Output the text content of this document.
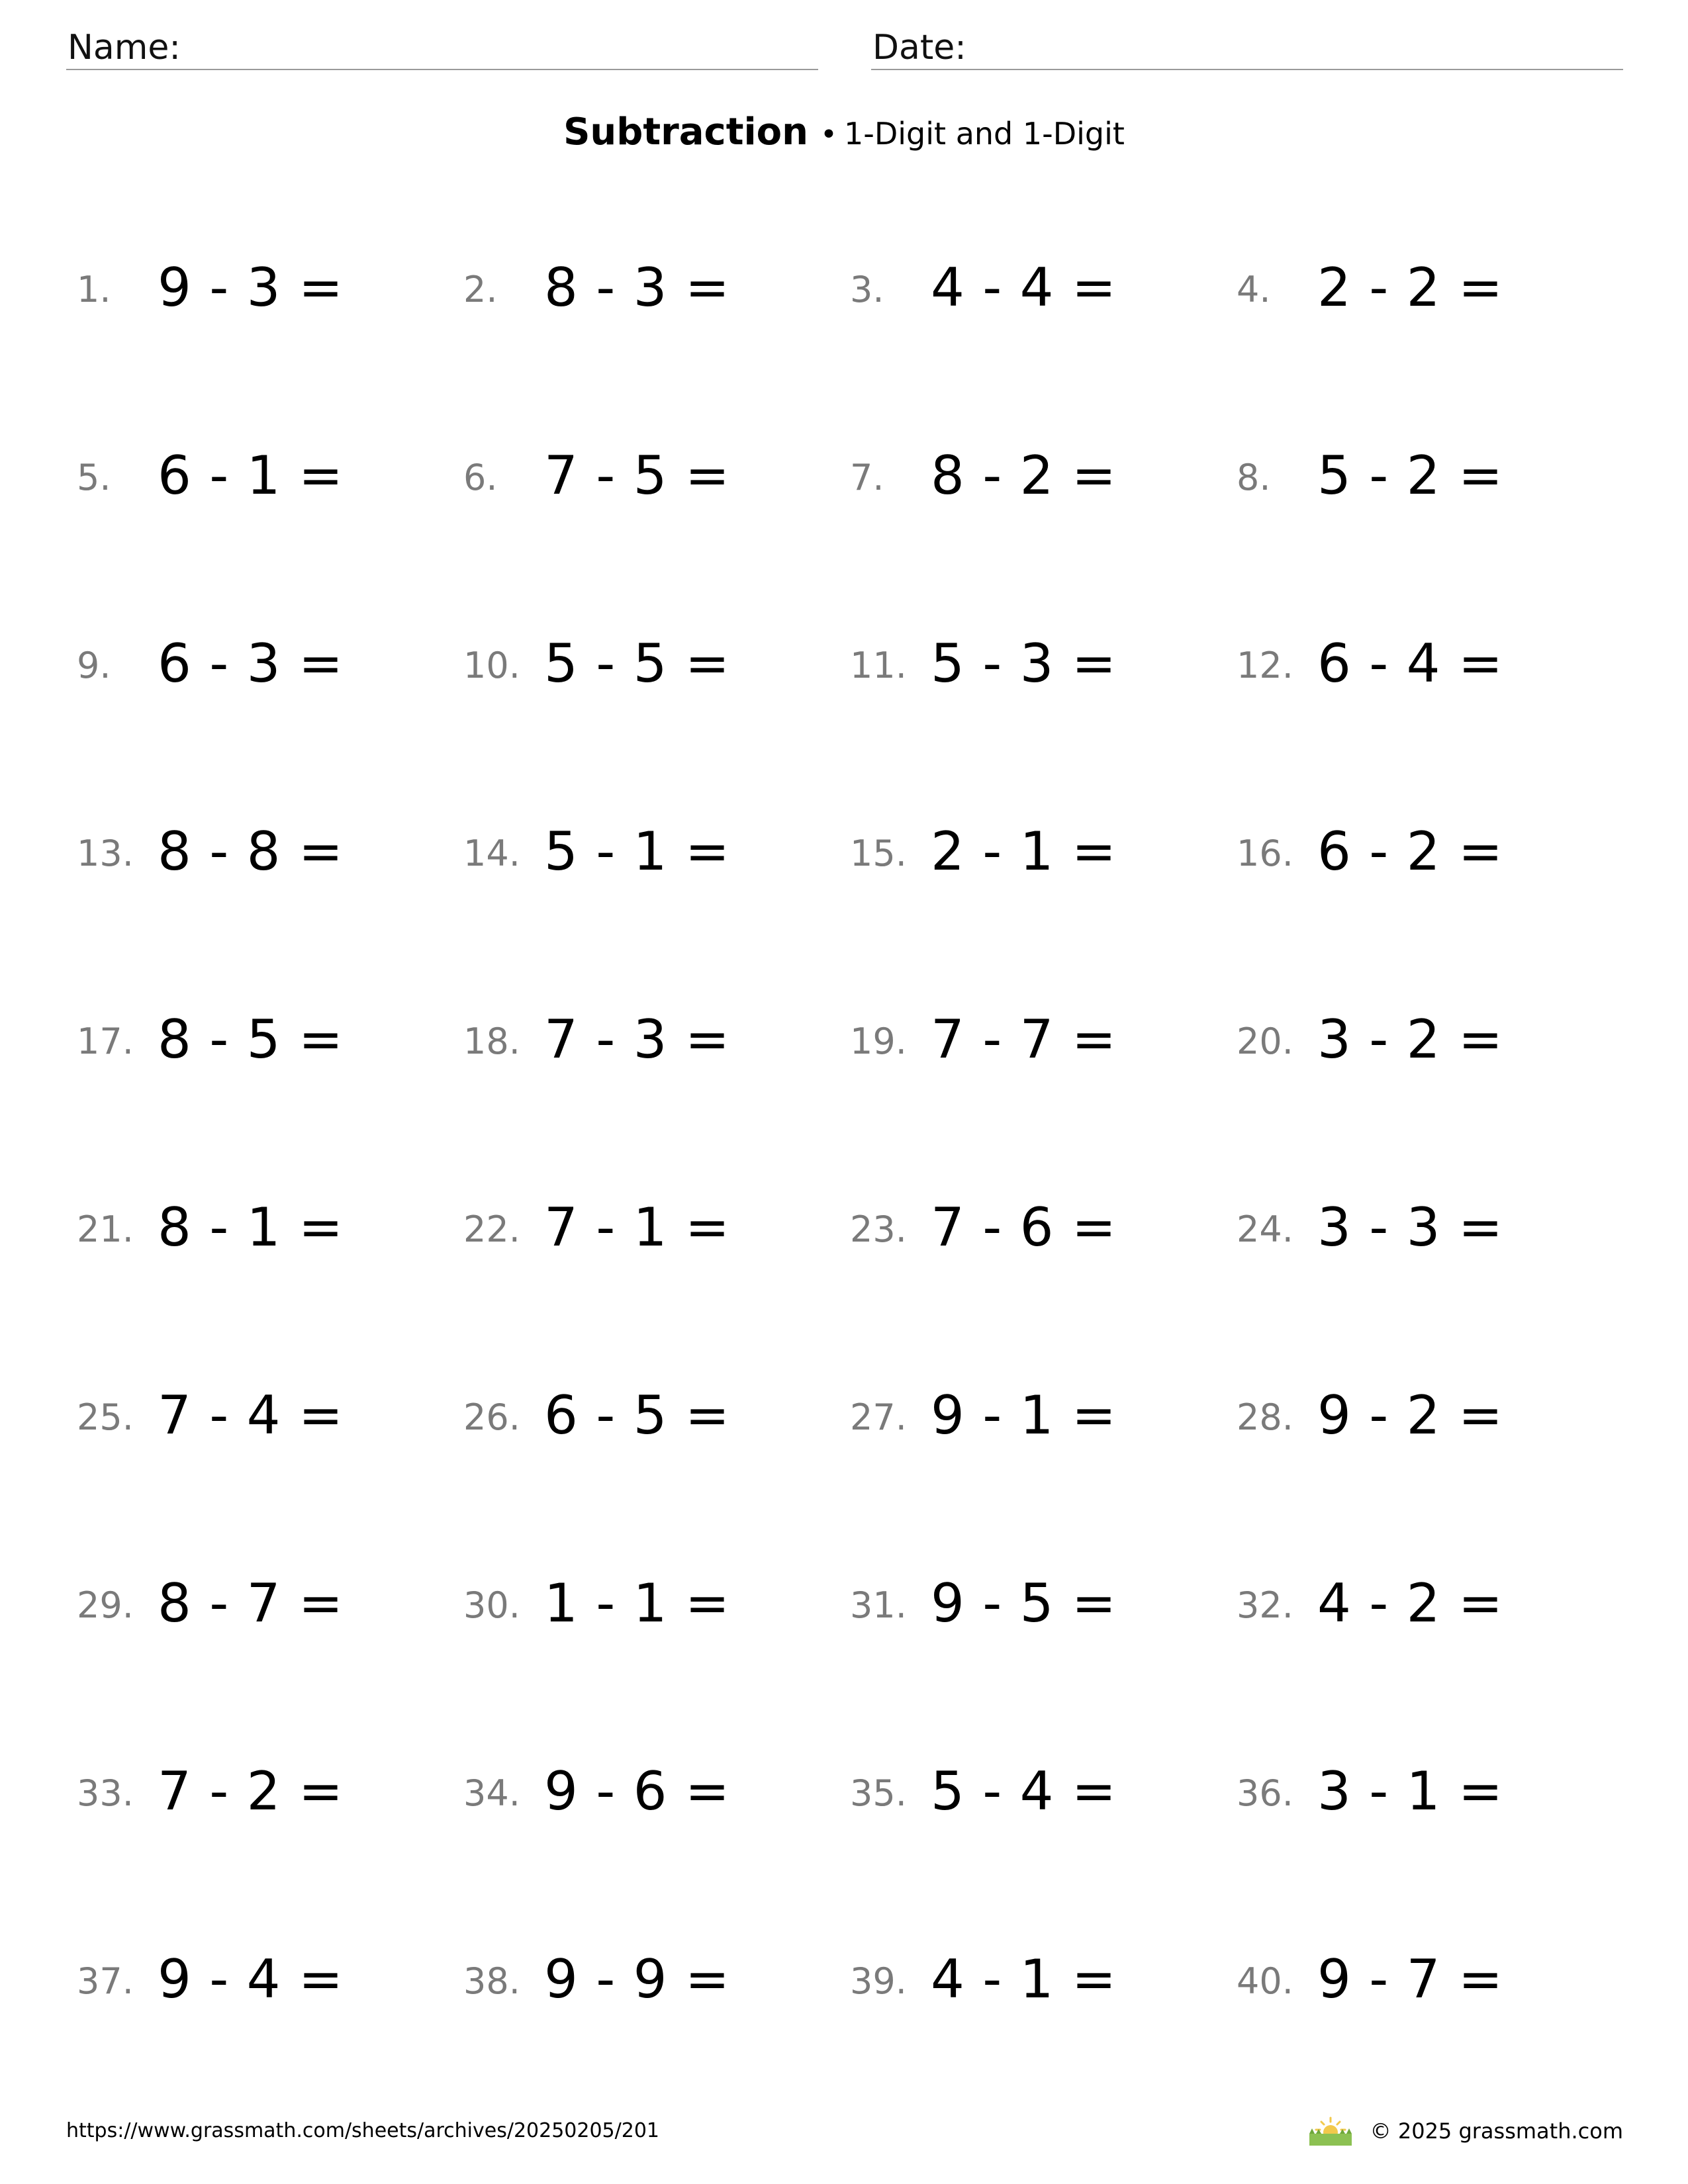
Name:	Date:
Subtraction • 1-Digit and 1-Digit
1. 9 - 3 =	2. 8 - 3 =	3. 4 - 4 =	4. 2 - 2 =
5. 6 - 1 =	6. 7 - 5 =	7. 8 - 2 =	8. 5 - 2 =
9. 6 - 3 =	10. 5 - 5 =	11. 5 - 3 =	12. 6 - 4 =
13. 8 - 8 =	14. 5 - 1 =	15. 2 - 1 =	16. 6 - 2 =
17. 8 - 5 =	18. 7 - 3 =	19. 7 - 7 =	20. 3 - 2 =
21. 8 - 1 =	22. 7 - 1 =	23. 7 - 6 =	24. 3 - 3 =
25. 7 - 4 =	26. 6 - 5 =	27. 9 - 1 =	28. 9 - 2 =
29. 8 - 7 =	30. 1 - 1 =	31. 9 - 5 =	32. 4 - 2 =
33. 7 - 2 =	34. 9 - 6 =	35. 5 - 4 =	36. 3 - 1 =
37. 9 - 4 =	38. 9 - 9 =	39. 4 - 1 =	40. 9 - 7 =
https://www.grassmath.com/sheets/archives/20250205/201	© 2025 grassmath.com
